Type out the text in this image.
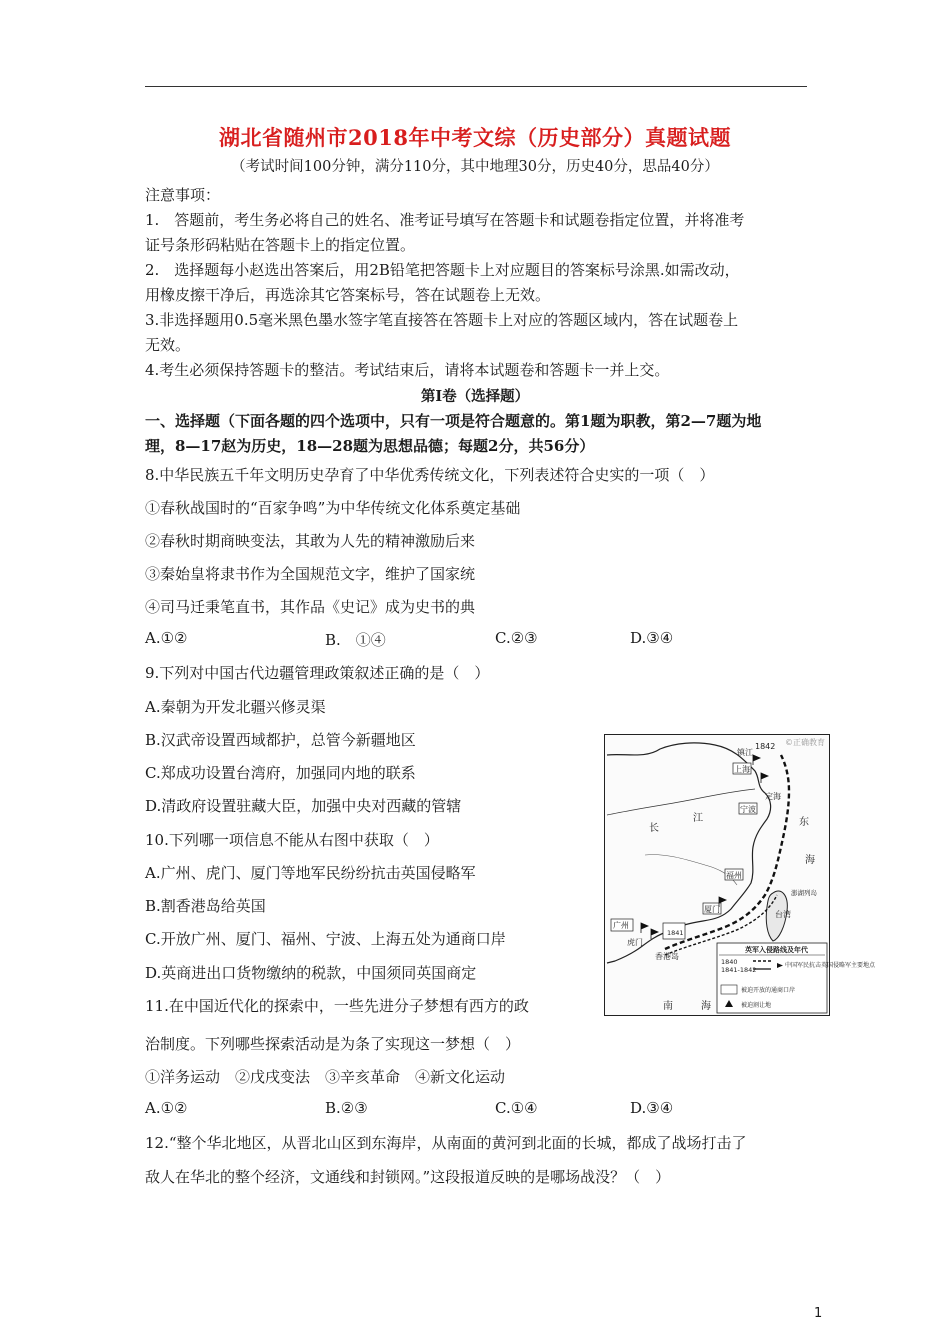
湖北省随州市2018年中考文综（历史部分）真题试题
（考试时间100分钟，满分110分，其中地理30分，历史40分，思品40分）
注意事项：
1.　答题前，考生务必将自己的姓名、准考证号填写在答题卡和试题卷指定位置，并将准考
证号条形码粘贴在答题卡上的指定位置。
2.　选择题每小赵选出答案后，用2B铅笔把答题卡上对应题目的答案标号涂黑.如需改动，
用橡皮擦干净后，再选涂其它答案标号，答在试题卷上无效。
3.非选择题用0.5毫米黑色墨水签字笔直接答在答题卡上对应的答题区域内，答在试题卷上
无效。
4.考生必须保持答题卡的整洁。考试结束后，请将本试题卷和答题卡一并上交。
第Ⅰ卷（选择题）
一、选择题（下面各题的四个选项中，只有一项是符合题意的。第1题为职教，第2—7题为地
理，8—17赵为历史，18—28题为思想品德；每题2分，共56分）
8.中华民族五千年文明历史孕育了中华优秀传统文化，下列表述符合史实的一项（　）
①春秋战国时的“百家争鸣”为中华传统文化体系奠定基础
②春秋时期商映变法，其敢为人先的精神激励后来
③秦始皇将隶书作为全国规范文字，维护了国家统
④司马迁秉笔直书，其作品《史记》成为史书的典
A.①②	B.　①④	C.②③	D.③④
9.下列对中国古代边疆管理政策叙述正确的是（　）
A.秦朝为开发北疆兴修灵渠
B.汉武帝设置西域都护，总管今新疆地区
C.郑成功设置台湾府，加强同内地的联系
D.清政府设置驻藏大臣，加强中央对西藏的管辖
10.下列哪一项信息不能从右图中获取（　）
A.广州、虎门、厦门等地军民纷纷抗击英国侵略军
B.割香港岛给英国
C.开放广州、厦门、福州、宁波、上海五处为通商口岸
D.英商进出口货物缴纳的税款，中国须同英国商定
11.在中国近代化的探索中，一些先进分子梦想有西方的政
治制度。下列哪些探索活动是为条了实现这一梦想（　）
①洋务运动　②戊戌变法　③辛亥革命　④新文化运动
A.①②	B.②③	C.①④	D.③④
12.“整个华北地区，从晋北山区到东海岸，从南面的黄河到北面的长城，都成了战场打击了
敌人在华北的整个经济，文通线和封锁网。”这段报道反映的是哪场战没？（　）
©正确教育
上海
镇江
1842
宁波
定海
福州
厦门
广州
香港岛
虎门
长
江	东
海
南	海
台湾
澎湖列岛
1841
英军入侵路线及年代
1840
1841-1842
中国军民抗击英国侵略军主要地点
被迫开放的通商口岸
被迫割让地
1
